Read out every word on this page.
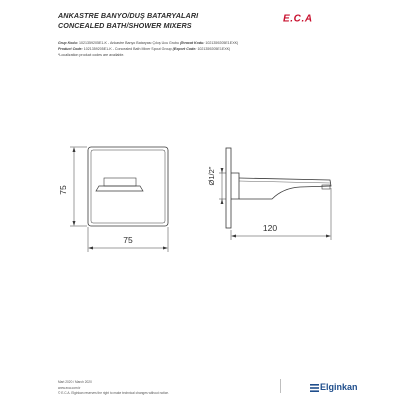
ANKASTRE BANYO/DUŞ BATARYALARI
CONCEALED BATH/SHOWER MIXERS
E.C.A
Grup Kodu: 1021359205E1-K - Ankastre Banyo Bataryası Çıkış Ucu Grubu (İhracat Kodu: 1021359205E1EXK)
Product Code: 1021359205E1-K - Concealed Bath Mixer Spout Group (Export Code: 1021359205E1EXK)
*Localization product codes are available.
75
75
Ø1/2"
120
Mart 2020 / March 2020
www.eca.com.tr
© E.C.A. Elginkan reserves the right to make technical changes without notice.
Elginkan
